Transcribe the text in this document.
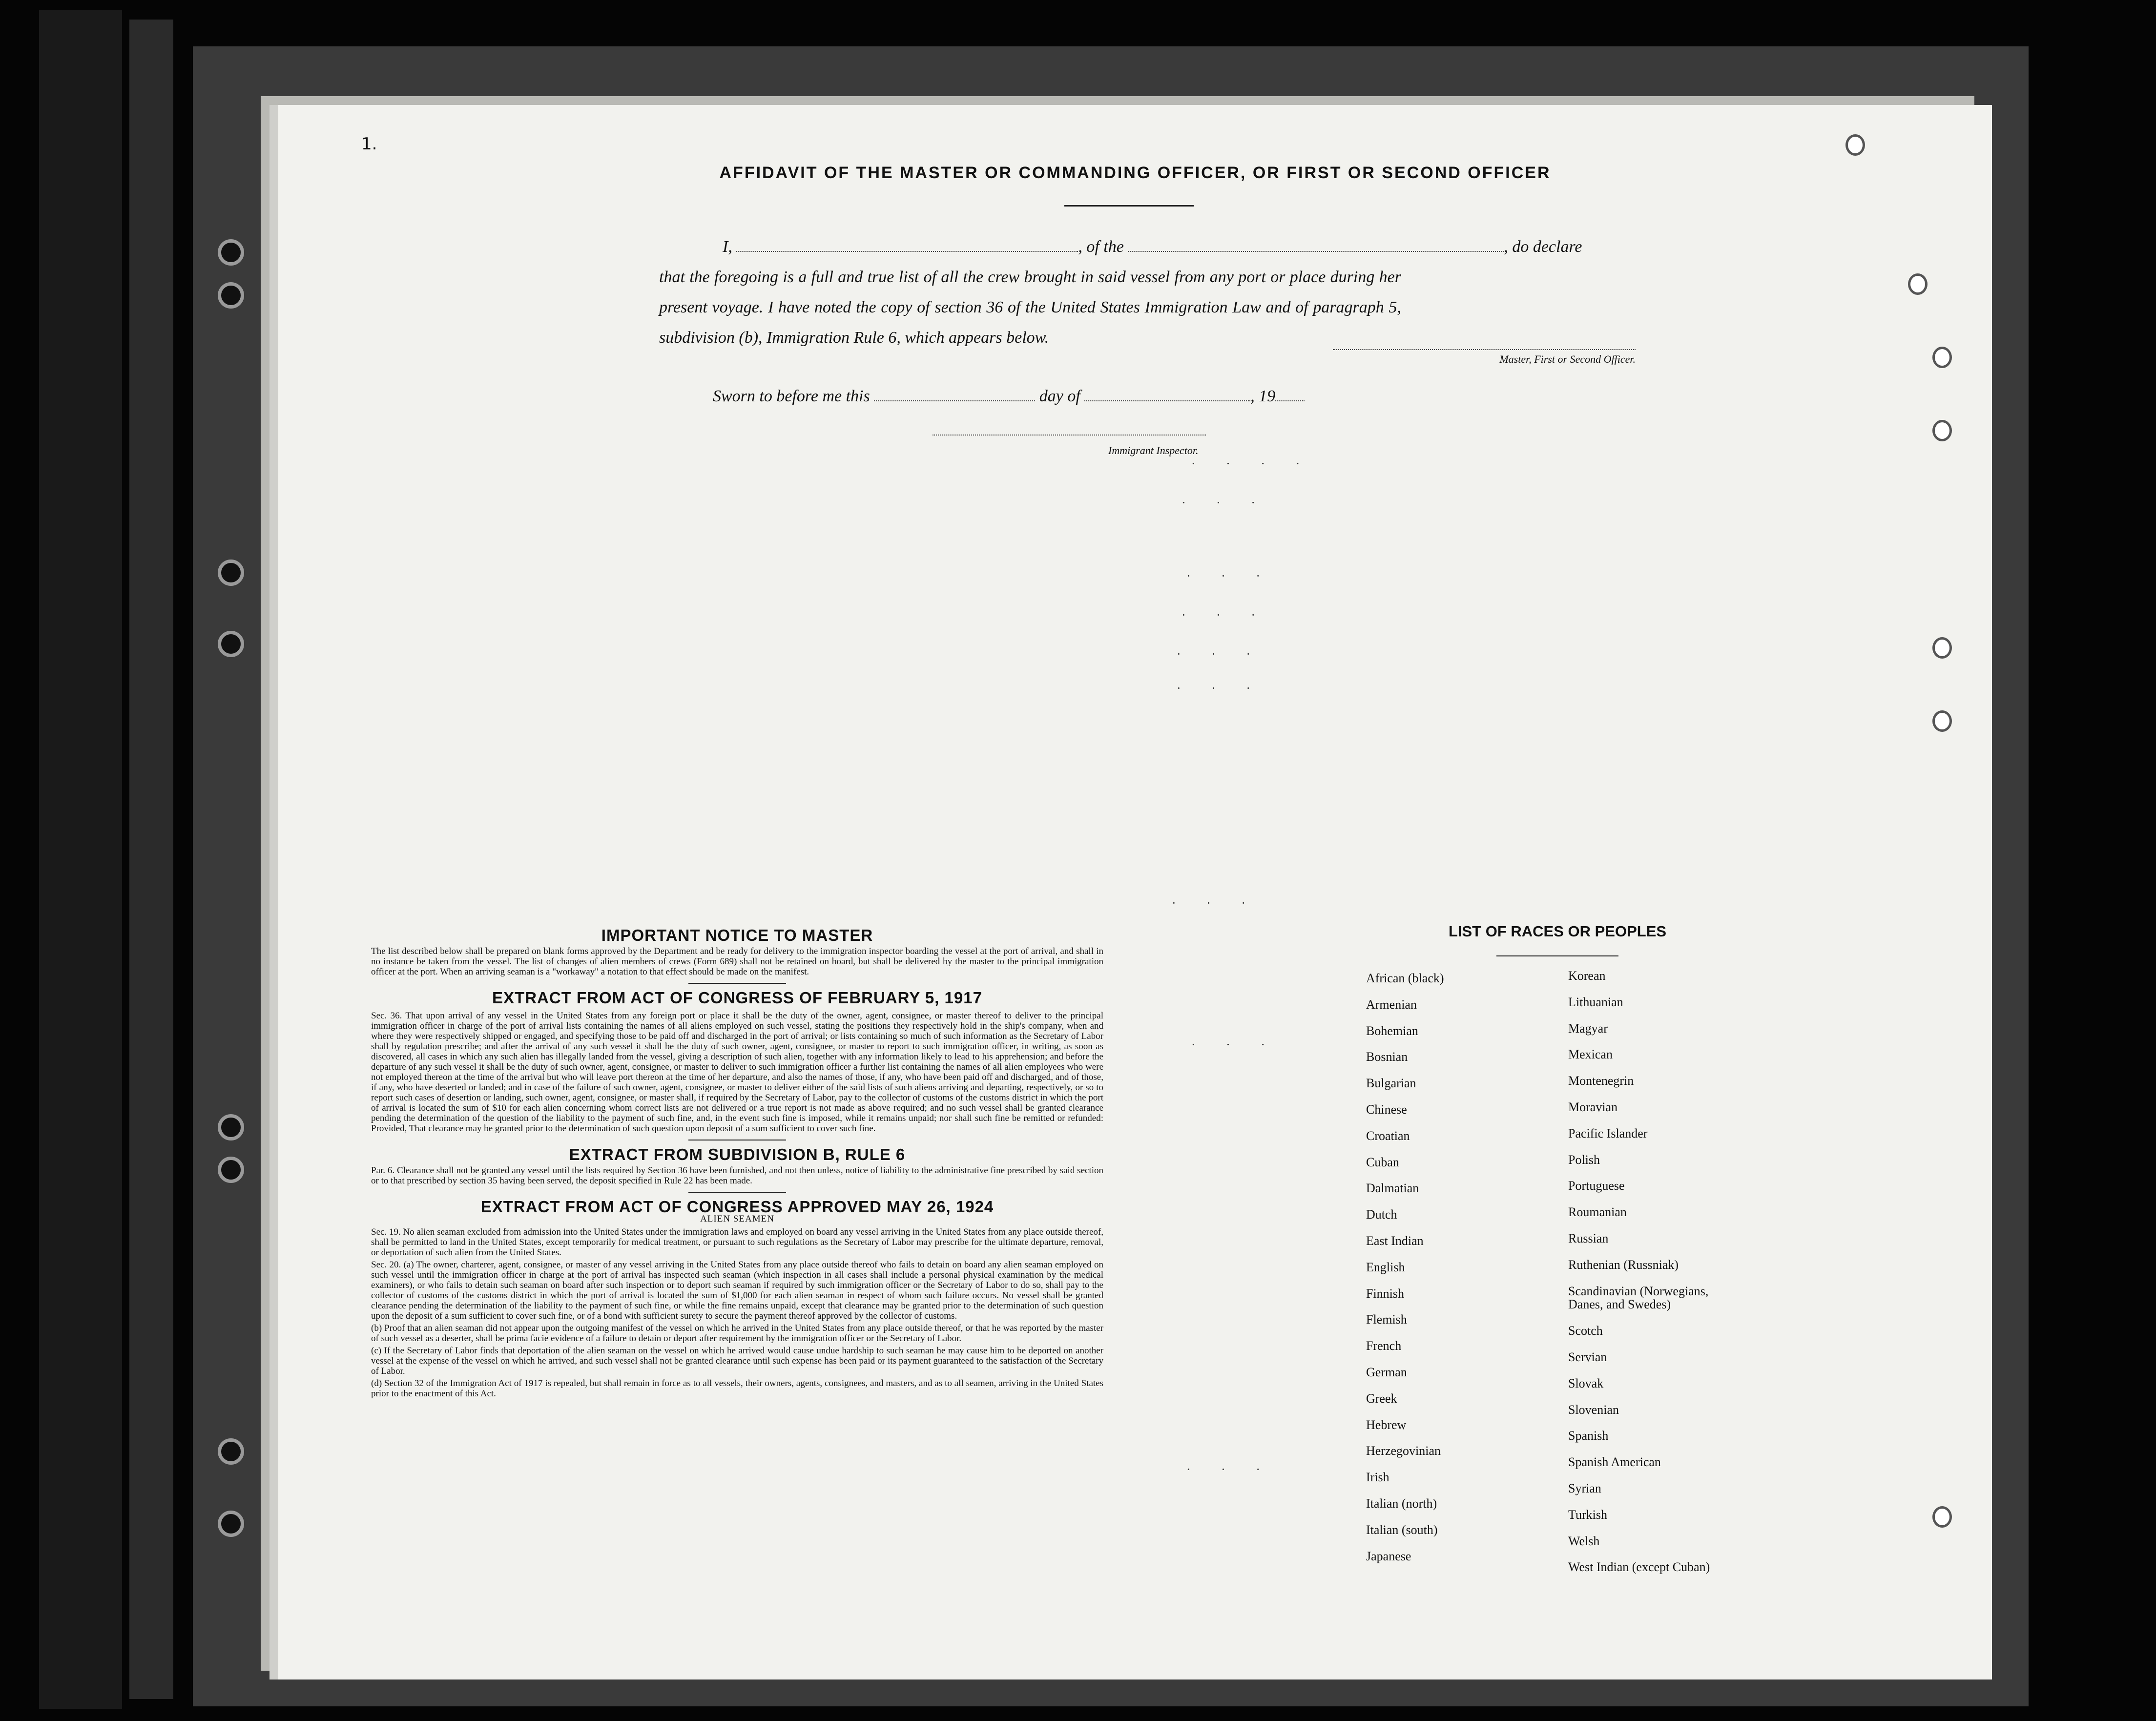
1.
AFFIDAVIT OF THE MASTER OR COMMANDING OFFICER, OR FIRST OR SECOND OFFICER
I,	, of the	, do declare
that the foregoing is a full and true list of all the crew brought in said vessel from any port or place during her present voyage. I have noted the copy of section 36 of the United States Immigration Law and of paragraph 5, subdivision (b), Immigration Rule 6, which appears below.
Master, First or Second Officer.
Sworn to before me this	day of	, 19
Immigrant Inspector.
· · · ·
· · ·
· · ·
· · ·
· · ·
· · ·
· · ·
· · ·
· · ·

IMPORTANT NOTICE TO MASTER

The list described below shall be prepared on blank forms approved by the Department and be ready for delivery to the immigration inspector boarding the vessel at the port of arrival, and shall in no instance be taken from the vessel. The list of changes of alien members of crews (Form 689) shall not be retained on board, but shall be delivered by the master to the principal immigration officer at the port. When an arriving seaman is a "workaway" a notation to that effect should be made on the manifest.

EXTRACT FROM ACT OF CONGRESS OF FEBRUARY 5, 1917

Sec. 36. That upon arrival of any vessel in the United States from any foreign port or place it shall be the duty of the owner, agent, consignee, or master thereof to deliver to the principal immigration officer in charge of the port of arrival lists containing the names of all aliens employed on such vessel, stating the positions they respectively hold in the ship's company, when and where they were respectively shipped or engaged, and specifying those to be paid off and discharged in the port of arrival; or lists containing so much of such information as the Secretary of Labor shall by regulation prescribe; and after the arrival of any such vessel it shall be the duty of such owner, agent, consignee, or master to report to such immigration officer, in writing, as soon as discovered, all cases in which any such alien has illegally landed from the vessel, giving a description of such alien, together with any information likely to lead to his apprehension; and before the departure of any such vessel it shall be the duty of such owner, agent, consignee, or master to deliver to such immigration officer a further list containing the names of all alien employees who were not employed thereon at the time of the arrival but who will leave port thereon at the time of her departure, and also the names of those, if any, who have been paid off and discharged, and of those, if any, who have deserted or landed; and in case of the failure of such owner, agent, consignee, or master to deliver either of the said lists of such aliens arriving and departing, respectively, or so to report such cases of desertion or landing, such owner, agent, consignee, or master shall, if required by the Secretary of Labor, pay to the collector of customs of the customs district in which the port of arrival is located the sum of $10 for each alien concerning whom correct lists are not delivered or a true report is not made as above required; and no such vessel shall be granted clearance pending the determination of the question of the liability to the payment of such fine, and, in the event such fine is imposed, while it remains unpaid; nor shall such fine be remitted or refunded: Provided, That clearance may be granted prior to the determination of such question upon deposit of a sum sufficient to cover such fine.

EXTRACT FROM SUBDIVISION B, RULE 6

Par. 6. Clearance shall not be granted any vessel until the lists required by Section 36 have been furnished, and not then unless, notice of liability to the administrative fine prescribed by said section or to that prescribed by section 35 having been served, the deposit specified in Rule 22 has been made.

EXTRACT FROM ACT OF CONGRESS APPROVED MAY 26, 1924

ALIEN SEAMEN

Sec. 19. No alien seaman excluded from admission into the United States under the immigration laws and employed on board any vessel arriving in the United States from any place outside thereof, shall be permitted to land in the United States, except temporarily for medical treatment, or pursuant to such regulations as the Secretary of Labor may prescribe for the ultimate departure, removal, or deportation of such alien from the United States.

Sec. 20. (a) The owner, charterer, agent, consignee, or master of any vessel arriving in the United States from any place outside thereof who fails to detain on board any alien seaman employed on such vessel until the immigration officer in charge at the port of arrival has inspected such seaman (which inspection in all cases shall include a personal physical examination by the medical examiners), or who fails to detain such seaman on board after such inspection or to deport such seaman if required by such immigration officer or the Secretary of Labor to do so, shall pay to the collector of customs of the customs district in which the port of arrival is located the sum of $1,000 for each alien seaman in respect of whom such failure occurs. No vessel shall be granted clearance pending the determination of the liability to the payment of such fine, or while the fine remains unpaid, except that clearance may be granted prior to the determination of such question upon the deposit of a sum sufficient to cover such fine, or of a bond with sufficient surety to secure the payment thereof approved by the collector of customs.

(b) Proof that an alien seaman did not appear upon the outgoing manifest of the vessel on which he arrived in the United States from any place outside thereof, or that he was reported by the master of such vessel as a deserter, shall be prima facie evidence of a failure to detain or deport after requirement by the immigration officer or the Secretary of Labor.

(c) If the Secretary of Labor finds that deportation of the alien seaman on the vessel on which he arrived would cause undue hardship to such seaman he may cause him to be deported on another vessel at the expense of the vessel on which he arrived, and such vessel shall not be granted clearance until such expense has been paid or its payment guaranteed to the satisfaction of the Secretary of Labor.

(d) Section 32 of the Immigration Act of 1917 is repealed, but shall remain in force as to all vessels, their owners, agents, consignees, and masters, and as to all seamen, arriving in the United States prior to the enactment of this Act.

LIST OF RACES OR PEOPLES
African (black)
Armenian
Bohemian
Bosnian
Bulgarian
Chinese
Croatian
Cuban
Dalmatian
Dutch
East Indian
English
Finnish
Flemish
French
German
Greek
Hebrew
Herzegovinian
Irish
Italian (north)
Italian (south)
Japanese
Korean
Lithuanian
Magyar
Mexican
Montenegrin
Moravian
Pacific Islander
Polish
Portuguese
Roumanian
Russian
Ruthenian (Russniak)
Scandinavian (Norwegians,
Danes, and Swedes)
Scotch
Servian
Slovak
Slovenian
Spanish
Spanish American
Syrian
Turkish
Welsh
West Indian (except Cuban)
